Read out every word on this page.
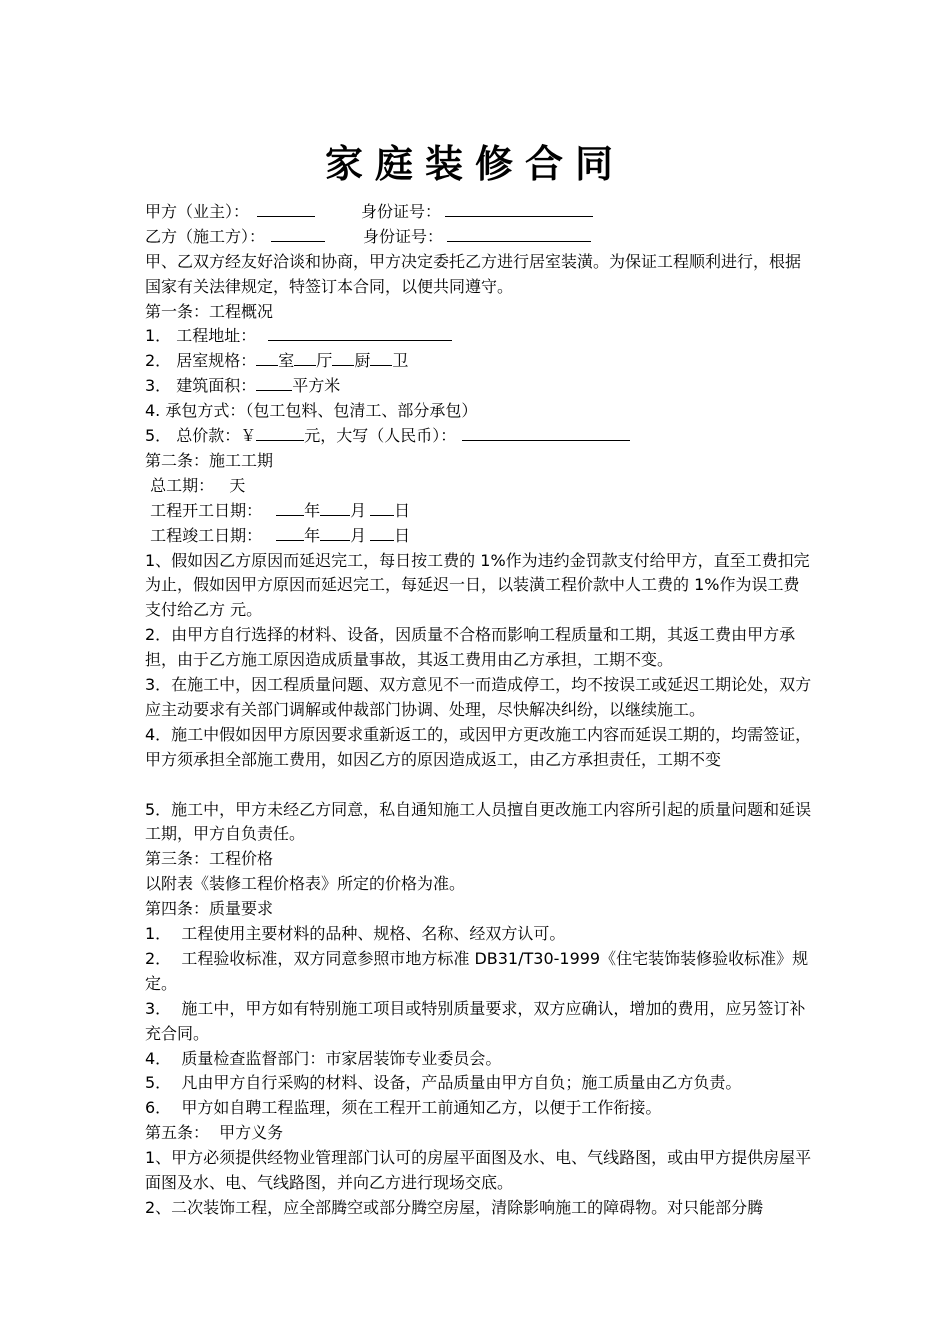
家庭装修合同
甲方（业主）：	身份证号：
乙方（施工方）：	身份证号：
甲、乙双方经友好洽谈和协商，甲方决定委托乙方进行居室装潢。为保证工程顺利进行，根据国家有关法律规定，特签订本合同，以便共同遵守。
第一条：工程概况
1． 工程地址：
2． 居室规格： 室 厅 厨 卫
3． 建筑面积： 平方米
4. 承包方式：（包工包料、包清工、部分承包）
5． 总价款：￥	元，大写（人民币）：
第二条：施工工期
总工期：   天
工程开工日期：	年 月 日
工程竣工日期：	年 月 日
1、假如因乙方原因而延迟完工，每日按工费的 1%作为违约金罚款支付给甲方，直至工费扣完为止，假如因甲方原因而延迟完工，每延迟一日，以装潢工程价款中人工费的 1%作为误工费支付给乙方 元。
2．由甲方自行选择的材料、设备，因质量不合格而影响工程质量和工期，其返工费由甲方承担，由于乙方施工原因造成质量事故，其返工费用由乙方承担，工期不变。
3．在施工中，因工程质量问题、双方意见不一而造成停工，均不按误工或延迟工期论处，双方应主动要求有关部门调解或仲裁部门协调、处理，尽快解决纠纷，以继续施工。
4．施工中假如因甲方原因要求重新返工的，或因甲方更改施工内容而延误工期的，均需签证，甲方须承担全部施工费用，如因乙方的原因造成返工，由乙方承担责任，工期不变
5．施工中，甲方未经乙方同意，私自通知施工人员擅自更改施工内容所引起的质量问题和延误工期，甲方自负责任。
第三条：工程价格
以附表《装修工程价格表》所定的价格为准。
第四条：质量要求
1．  工程使用主要材料的品种、规格、名称、经双方认可。
2．  工程验收标准，双方同意参照市地方标准 DB31/T30-1999《住宅装饰装修验收标准》规定。
3．  施工中，甲方如有特别施工项目或特别质量要求，双方应确认，增加的费用，应另签订补充合同。
4．  质量检查监督部门：市家居装饰专业委员会。
5．  凡由甲方自行采购的材料、设备，产品质量由甲方自负；施工质量由乙方负责。
6．  甲方如自聘工程监理，须在工程开工前通知乙方，以便于工作衔接。
第五条：  甲方义务
1、甲方必须提供经物业管理部门认可的房屋平面图及水、电、气线路图，或由甲方提供房屋平面图及水、电、气线路图，并向乙方进行现场交底。
2、二次装饰工程，应全部腾空或部分腾空房屋，清除影响施工的障碍物。对只能部分腾
